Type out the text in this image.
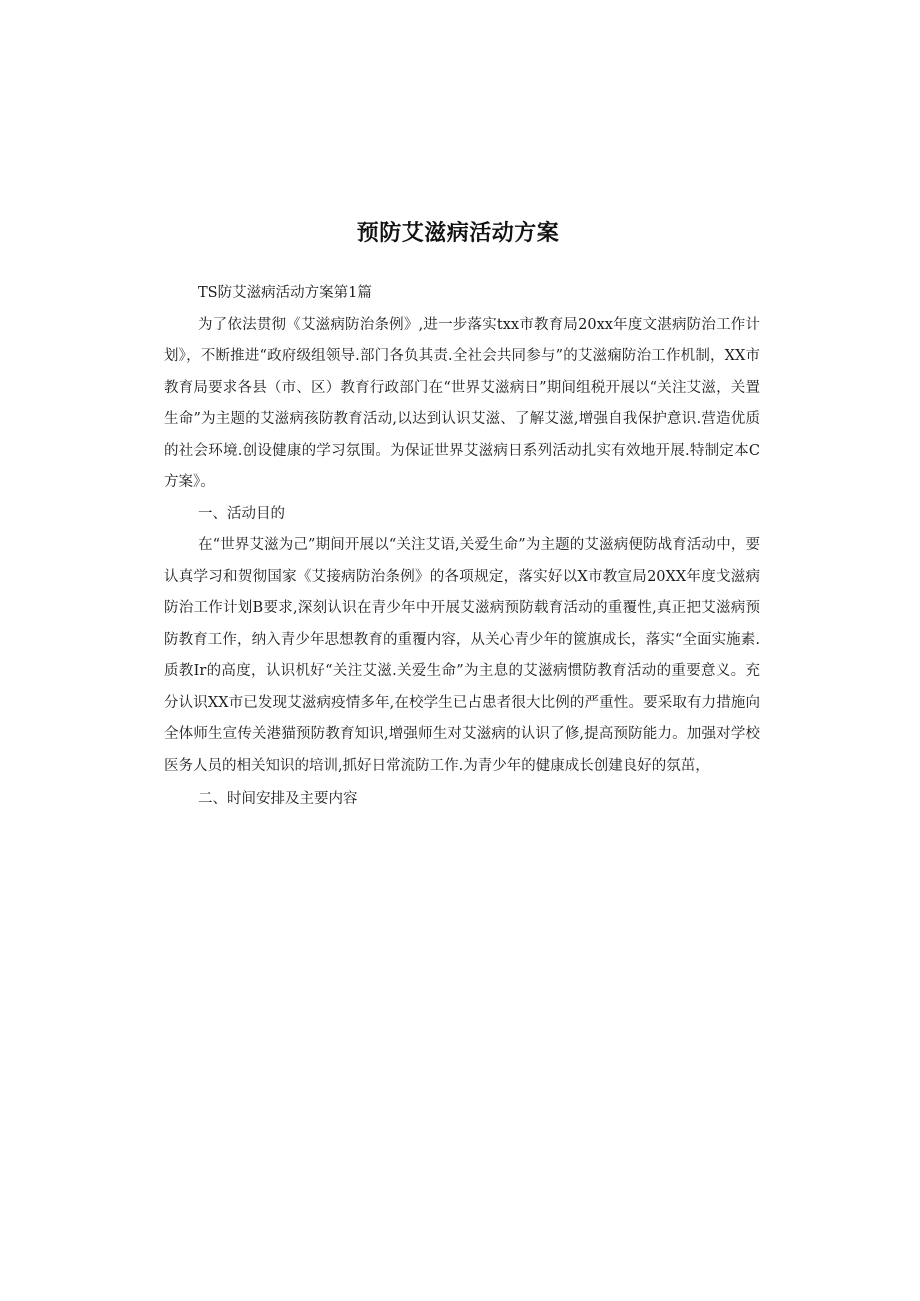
预防艾滋病活动方案

TS防艾滋病活动方案第1篇

为了依法贯彻《艾滋病防治条例》,进一步落实txx市教育局20xx年度文湛病防治工作计划》，不断推进“政府级组领导.部门各负其责.全社会共同参与”的艾滋痫防治工作机制，XX市教育局要求各县（市、区）教育行政部门在“世界艾滋病日”期间组税开展以“关注艾滋，关置生命”为主题的艾滋病孩防教育活动,以达到认识艾滋、了解艾滋,增强自我保护意识.营造优质的社会环境.创设健康的学习氛围。为保证世界艾滋病日系列活动扎实有效地开展.特制定本C方案》。

一、活动目的

在“世界艾滋为己”期间开展以“关注艾语,关爱生命”为主题的艾滋病便防战育活动中，要认真学习和贺彻国家《艾接病防治条例》的各项规定，落实好以X市教宣局20XX年度戈滋病防治工作计划B要求,深刻认识在青少年中开展艾滋病预防载育活动的重覆性,真正把艾滋病预防教育工作，纳入青少年思想教育的重覆内容，从关心青少年的篋旗成长，落实“全面实施素.质教Ir的高度，认识机好“关注艾滋.关爱生命”为主息的艾滋病惯防教育活动的重要意义。充分认识XX市已发现艾滋病疫情多年,在校学生已占患者很大比例的严重性。要采取有力措施向全体师生宣传关港猫预防教育知识,增强师生对艾滋病的认识了修,提高预防能力。加强对学校医务人员的相关知识的培训,抓好日常流防工作.为青少年的健康成长创建良好的氛茁，

二、时间安排及主要内容
